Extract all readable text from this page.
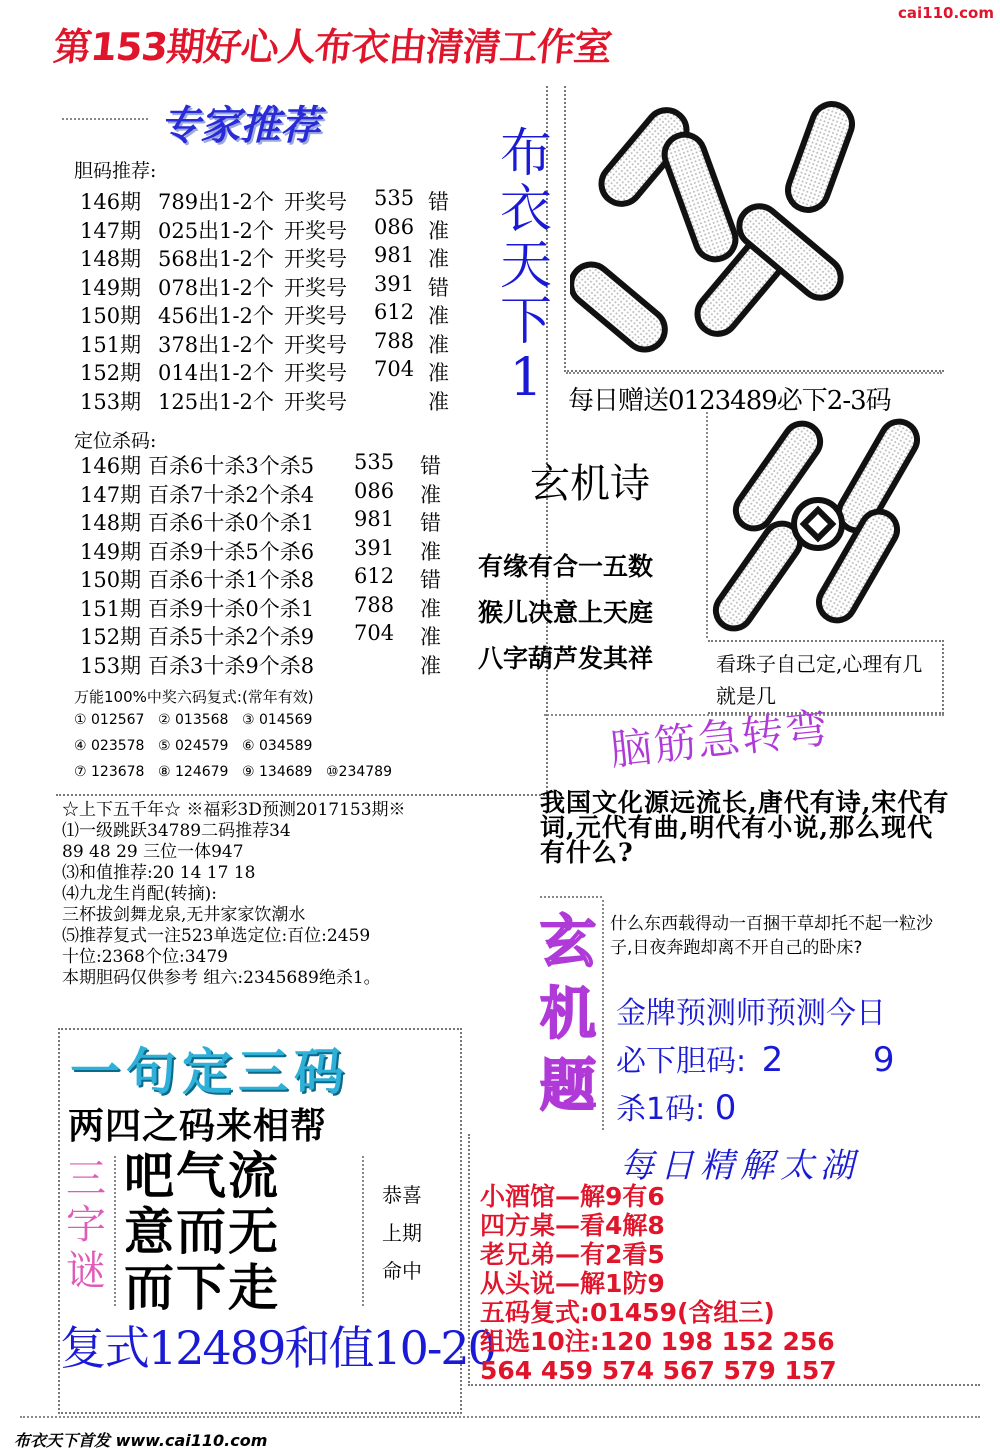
第153期好心人布衣由清清工作室
cai110.com
专家推荐
胆码推荐:
146期 789出1-2个 开奖号 535 错
147期 025出1-2个 开奖号 086 准
148期 568出1-2个 开奖号 981 准
149期 078出1-2个 开奖号 391 错
150期 456出1-2个 开奖号 612 准
151期 378出1-2个 开奖号 788 准
152期 014出1-2个 开奖号 704 准
153期 125出1-2个 开奖号	准
定位杀码:
146期 百杀6十杀3个杀5 535 错
147期 百杀7十杀2个杀4 086 准
148期 百杀6十杀0个杀1 981 错
149期 百杀9十杀5个杀6 391 准
150期 百杀6十杀1个杀8 612 错
151期 百杀9十杀0个杀1 788 准
152期 百杀5十杀2个杀9 704 准
153期 百杀3十杀9个杀8	准
万能100%中奖六码复式:(常年有效)
① 012567 ② 013568 ③ 014569
④ 023578 ⑤ 024579 ⑥ 034589
⑦ 123678 ⑧ 124679 ⑨ 134689 ⑩234789
☆上下五千年☆ ※福彩3D预测2017153期※
⑴一级跳跃34789二码推荐34
89 48 29 三位一体947
⑶和值推荐:20 14 17 18
⑷九龙生肖配(转摘):
三杯拔剑舞龙泉,无井家家饮潮水
⑸推荐复式一注523单选定位:百位:2459
十位:2368个位:3479
本期胆码仅供参考 组六:2345689绝杀1。
一句定三码
两四之码来相帮
三
字
谜
吧气流
意而无
而下走
恭喜
上期
命中
复式12489和值10-20
布
衣
天
下
1 每日赠送0123489必下2-3码
玄机诗
有缘有合一五数
猴儿决意上天庭
八字葫芦发其祥	看珠子自己定,心理有几就是几
脑筋急转弯
我国文化源远流长,唐代有诗,宋代有词,元代有曲,明代有小说,那么现代有什么?
玄
机
题
什么东西载得动一百捆干草却托不起一粒沙子,日夜奔跑却离不开自己的卧床?
金牌预测师预测今日
必下胆码: 2	9
杀1码: 0
每日精解太湖
小酒馆—解9有6
四方桌—看4解8
老兄弟—有2看5
从头说—解1防9
五码复式:01459(含组三)
组选10注:120 198 152 256
564 459 574 567 579 157
布衣天下首发 www.cai110.com
